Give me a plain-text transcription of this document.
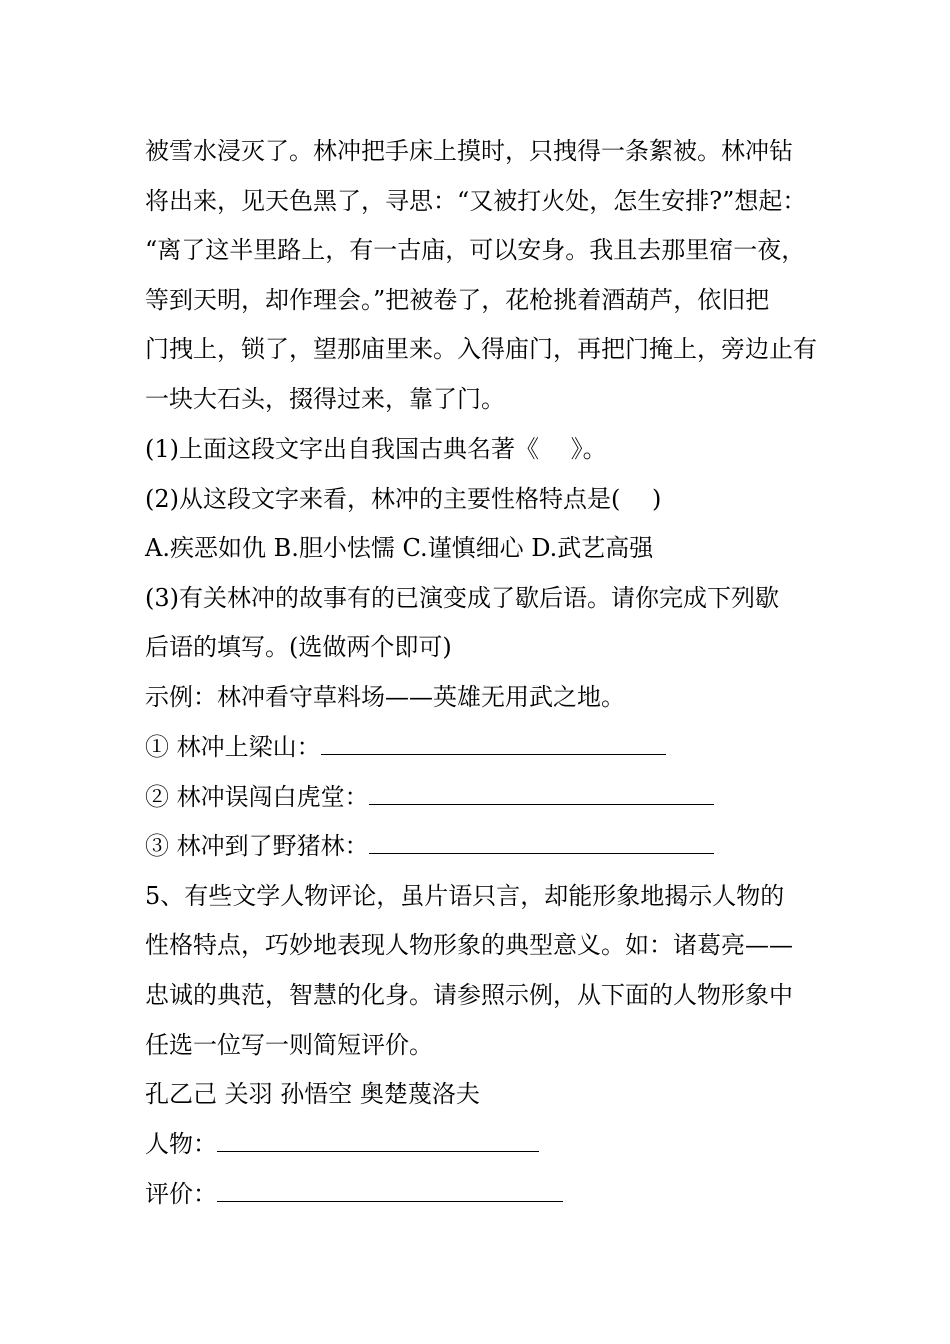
被雪水浸灭了。林冲把手床上摸时，只拽得一条絮被。林冲钻
将出来，见天色黑了，寻思：“又被打火处，怎生安排?”想起：
“离了这半里路上，有一古庙，可以安身。我且去那里宿一夜，
等到天明，却作理会。”把被卷了，花枪挑着酒葫芦，依旧把
门拽上，锁了，望那庙里来。入得庙门，再把门掩上，旁边止有
一块大石头，掇得过来，靠了门。
(1)上面这段文字出自我国古典名著《　 》。
(2)从这段文字来看，林冲的主要性格特点是(　 )
A.疾恶如仇 B.胆小怯懦 C.谨慎细心 D.武艺高强
(3)有关林冲的故事有的已演变成了歇后语。请你完成下列歇
后语的填写。(选做两个即可)
示例：林冲看守草料场——英雄无用武之地。
① 林冲上梁山：
② 林冲误闯白虎堂：
③ 林冲到了野猪林：
5、有些文学人物评论，虽片语只言，却能形象地揭示人物的
性格特点，巧妙地表现人物形象的典型意义。如：诸葛亮——
忠诚的典范，智慧的化身。请参照示例，从下面的人物形象中
任选一位写一则简短评价。
孔乙己 关羽 孙悟空 奥楚蔑洛夫
人物：
评价：
